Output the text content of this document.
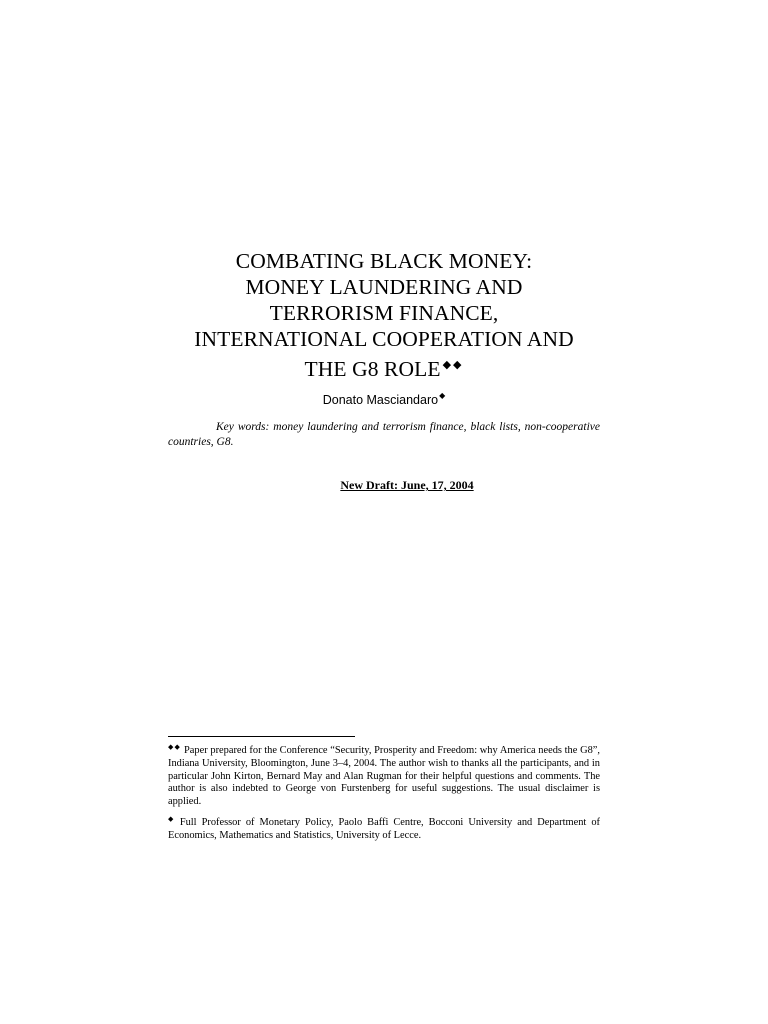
COMBATING BLACK MONEY:
MONEY LAUNDERING AND
TERRORISM FINANCE,
INTERNATIONAL COOPERATION AND
THE G8 ROLE ◆◆
Donato Masciandaro◆
Key words: money laundering and terrorism finance, black lists, non-cooperative countries, G8.
New Draft: June, 17, 2004

◆◆ Paper prepared for the Conference “Security, Prosperity and Freedom: why America needs the G8”, Indiana University, Bloomington, June 3–4, 2004. The author wish to thanks all the participants, and in particular John Kirton, Bernard May and Alan Rugman for their helpful questions and comments. The author is also indebted to George von Furstenberg for useful suggestions. The usual disclaimer is applied.

◆ Full Professor of Monetary Policy, Paolo Baffi Centre, Bocconi University and Department of Economics, Mathematics and Statistics, University of Lecce.
